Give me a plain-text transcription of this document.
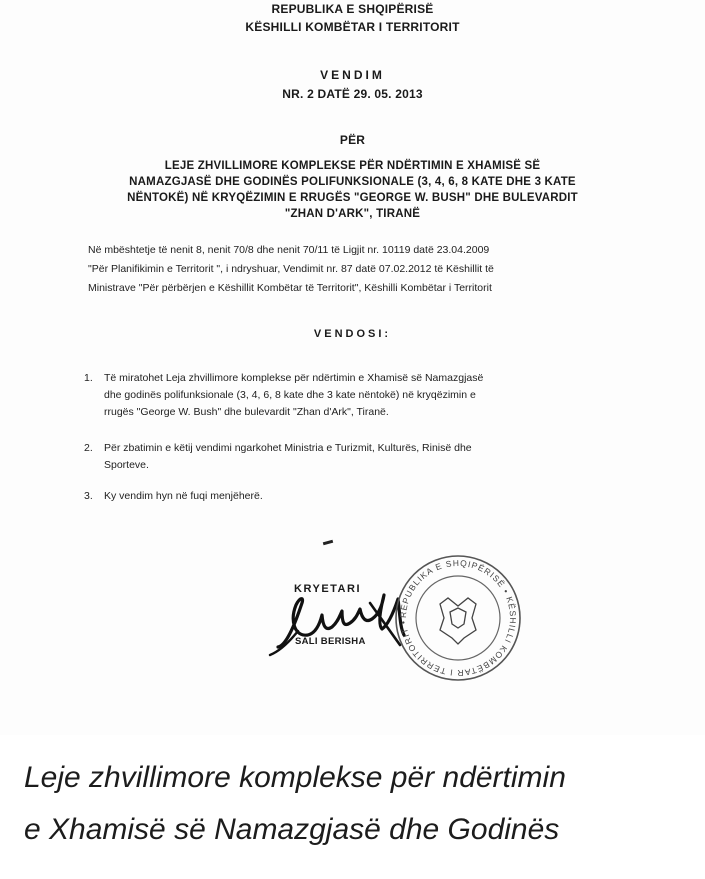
REPUBLIKA E SHQIPËRISË
KËSHILLI KOMBËTAR I TERRITORIT
VENDIM
NR. 2 DATË 29. 05. 2013
PËR
LEJE ZHVILLIMORE KOMPLEKSE PËR NDËRTIMIN E XHAMISË SË
NAMAZGJASË DHE GODINËS POLIFUNKSIONALE (3, 4, 6, 8 KATE DHE 3 KATE
NËNTOKË) NË KRYQËZIMIN E RRUGËS "GEORGE W. BUSH" DHE BULEVARDIT
"ZHAN D'ARK", TIRANË
Në mbështetje të nenit 8, nenit 70/8 dhe nenit 70/11 të Ligjit nr. 10119 datë 23.04.2009
"Për Planifikimin e Territorit ", i ndryshuar, Vendimit nr. 87 datë 07.02.2012 të Këshillit të
Ministrave "Për përbërjen e Këshillit Kombëtar të Territorit", Këshilli Kombëtar i Territorit
VENDOSI:
1. Të miratohet Leja zhvillimore komplekse për ndërtimin e Xhamisë së Namazgjasë
dhe godinës polifunksionale (3, 4, 6, 8 kate dhe 3 kate nëntokë) në kryqëzimin e
rrugës "George W. Bush" dhe bulevardit "Zhan d'Ark", Tiranë.
2. Për zbatimin e këtij vendimi ngarkohet Ministria e Turizmit, Kulturës, Rinisë dhe
Sporteve.
3. Ky vendim hyn në fuqi menjëherë.
KRYETARI
SALI BERISHA
REPUBLIKA E SHQIPËRISË • KËSHILLI KOMBËTAR I TERRITORIT •
Leje zhvillimore komplekse për ndërtimin
e Xhamisë së Namazgjasë dhe Godinës
